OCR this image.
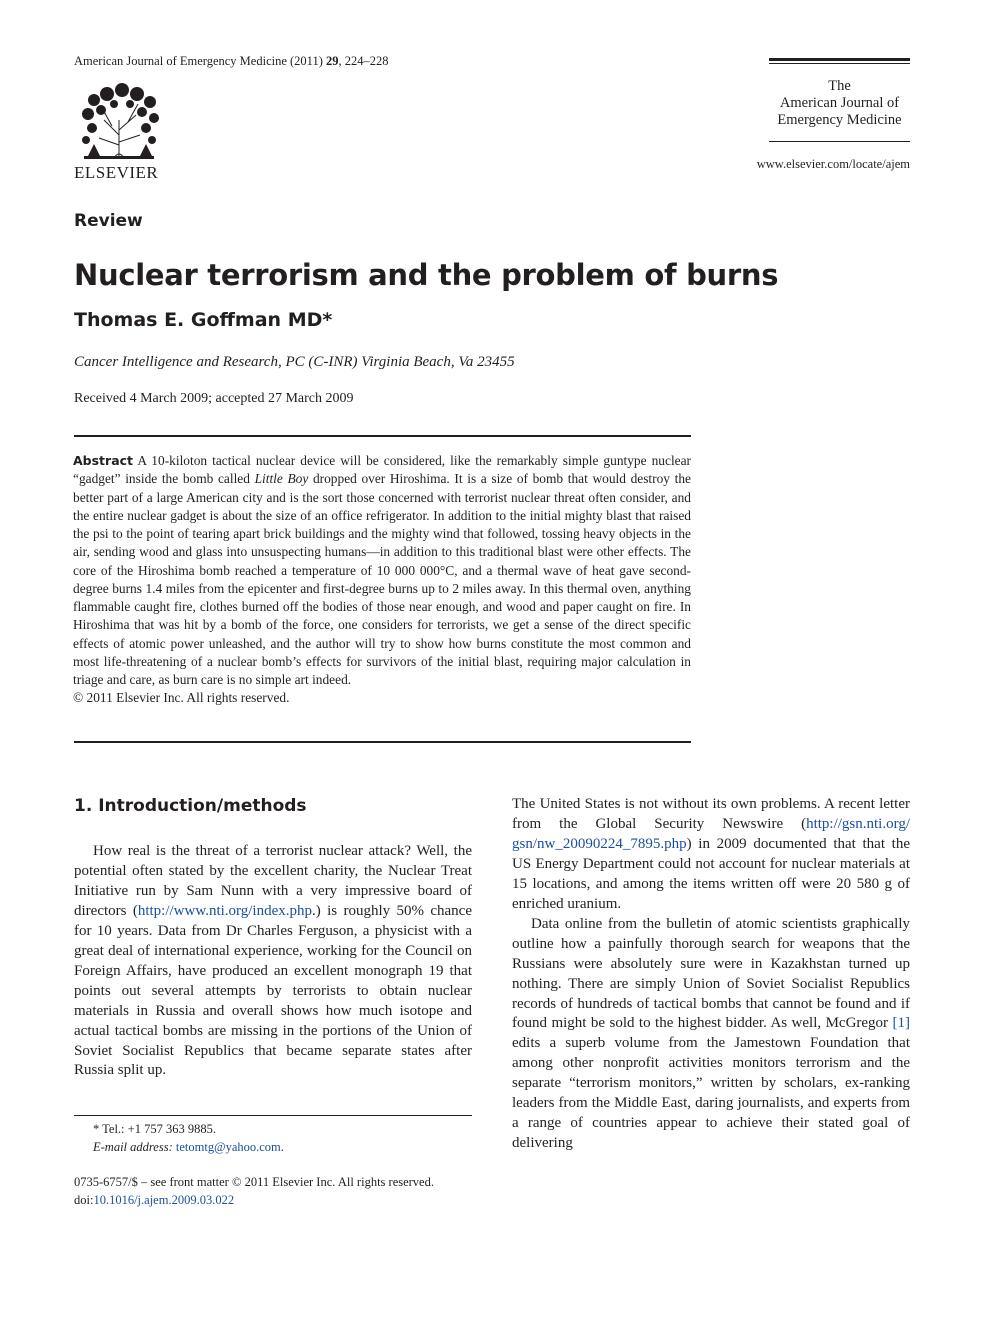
American Journal of Emergency Medicine (2011) 29, 224–228
ELSEVIER
The
American Journal of
Emergency Medicine
www.elsevier.com/locate/ajem
Review
Nuclear terrorism and the problem of burns
Thomas E. Goffman MD*
Cancer Intelligence and Research, PC (C-INR) Virginia Beach, Va 23455
Received 4 March 2009; accepted 27 March 2009
Abstract A 10-kiloton tactical nuclear device will be considered, like the remarkably simple guntype nuclear “gadget” inside the bomb called Little Boy dropped over Hiroshima. It is a size of bomb that would destroy the better part of a large American city and is the sort those concerned with terrorist nuclear threat often consider, and the entire nuclear gadget is about the size of an office refrigerator. In addition to the initial mighty blast that raised the psi to the point of tearing apart brick buildings and the mighty wind that followed, tossing heavy objects in the air, sending wood and glass into unsuspecting humans—in addition to this traditional blast were other effects. The core of the Hiroshima bomb reached a temperature of 10 000 000°C, and a thermal wave of heat gave second-degree burns 1.4 miles from the epicenter and first-degree burns up to 2 miles away. In this thermal oven, anything flammable caught fire, clothes burned off the bodies of those near enough, and wood and paper caught on fire. In Hiroshima that was hit by a bomb of the force, one considers for terrorists, we get a sense of the direct specific effects of atomic power unleashed, and the author will try to show how burns constitute the most common and most life-threatening of a nuclear bomb’s effects for survivors of the initial blast, requiring major calculation in triage and care, as burn care is no simple art indeed.
© 2011 Elsevier Inc. All rights reserved.
1. Introduction/methods

How real is the threat of a terrorist nuclear attack? Well, the potential often stated by the excellent charity, the Nuclear Treat Initiative run by Sam Nunn with a very impressive board of directors (http://www.nti.org/index.php.) is roughly 50% chance for 10 years. Data from Dr Charles Ferguson, a physicist with a great deal of international experience, working for the Council on Foreign Affairs, have produced an excellent monograph 19 that points out several attempts by terrorists to obtain nuclear materials in Russia and overall shows how much isotope and actual tactical bombs are missing in the portions of the Union of Soviet Socialist Republics that became separate states after Russia split up.

The United States is not without its own problems. A recent letter from the Global Security Newswire (http://gsn.nti.org/ gsn/nw_20090224_7895.php) in 2009 documented that that the US Energy Department could not account for nuclear materials at 15 locations, and among the items written off were 20 580 g of enriched uranium.

Data online from the bulletin of atomic scientists graphically outline how a painfully thorough search for weapons that the Russians were absolutely sure were in Kazakhstan turned up nothing. There are simply Union of Soviet Socialist Republics records of hundreds of tactical bombs that cannot be found and if found might be sold to the highest bidder. As well, McGregor [1] edits a superb volume from the Jamestown Foundation that among other nonprofit activities monitors terrorism and the separate “terrorism monitors,” written by scholars, ex-ranking leaders from the Middle East, daring journalists, and experts from a range of countries appear to achieve their stated goal of delivering

* Tel.: +1 757 363 9885.
E-mail address: tetomtg@yahoo.com.
0735-6757/$ – see front matter © 2011 Elsevier Inc. All rights reserved.
doi:10.1016/j.ajem.2009.03.022
